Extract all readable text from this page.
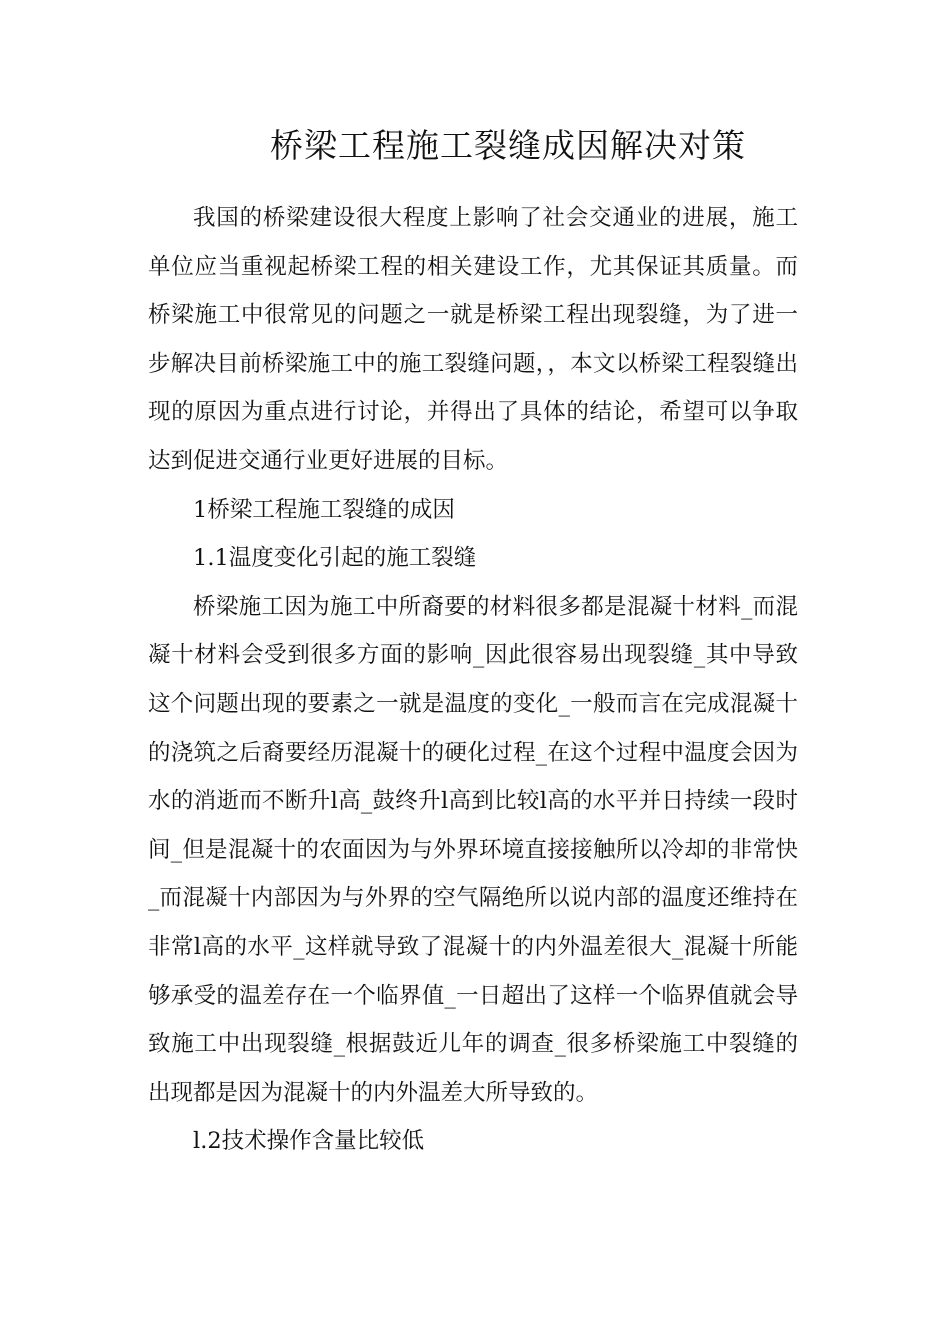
桥梁工程施工裂缝成因解决对策

我国的桥梁建设很大程度上影响了社会交通业的进展，施工单位应当重视起桥梁工程的相关建设工作，尤其保证其质量。而桥梁施工中很常见的问题之一就是桥梁工程出现裂缝，为了进一步解决目前桥梁施工中的施工裂缝问题，，本文以桥梁工程裂缝出现的原因为重点进行讨论，并得出了具体的结论，希望可以争取达到促进交通行业更好进展的目标。

1桥梁工程施工裂缝的成因

1.1温度变化引起的施工裂缝

桥梁施工因为施工中所裔要的材料很多都是混凝十材料_而混凝十材料会受到很多方面的影响_因此很容易出现裂缝_其中导致这个问题出现的要素之一就是温度的变化_一般而言在完成混凝十的浇筑之后裔要经历混凝十的硬化过程_在这个过程中温度会因为水的消逝而不断升l高_鼓终升l高到比较l高的水平并日持续一段时间_但是混凝十的农面因为与外界环境直接接触所以冷却的非常快_而混凝十内部因为与外界的空气隔绝所以说内部的温度还维持在非常l高的水平_这样就导致了混凝十的内外温差很大_混凝十所能够承受的温差存在一个临界值_一日超出了这样一个临界值就会导致施工中出现裂缝_根据鼓近儿年的调查_很多桥梁施工中裂缝的出现都是因为混凝十的内外温差大所导致的。

l.2技术操作含量比较低
